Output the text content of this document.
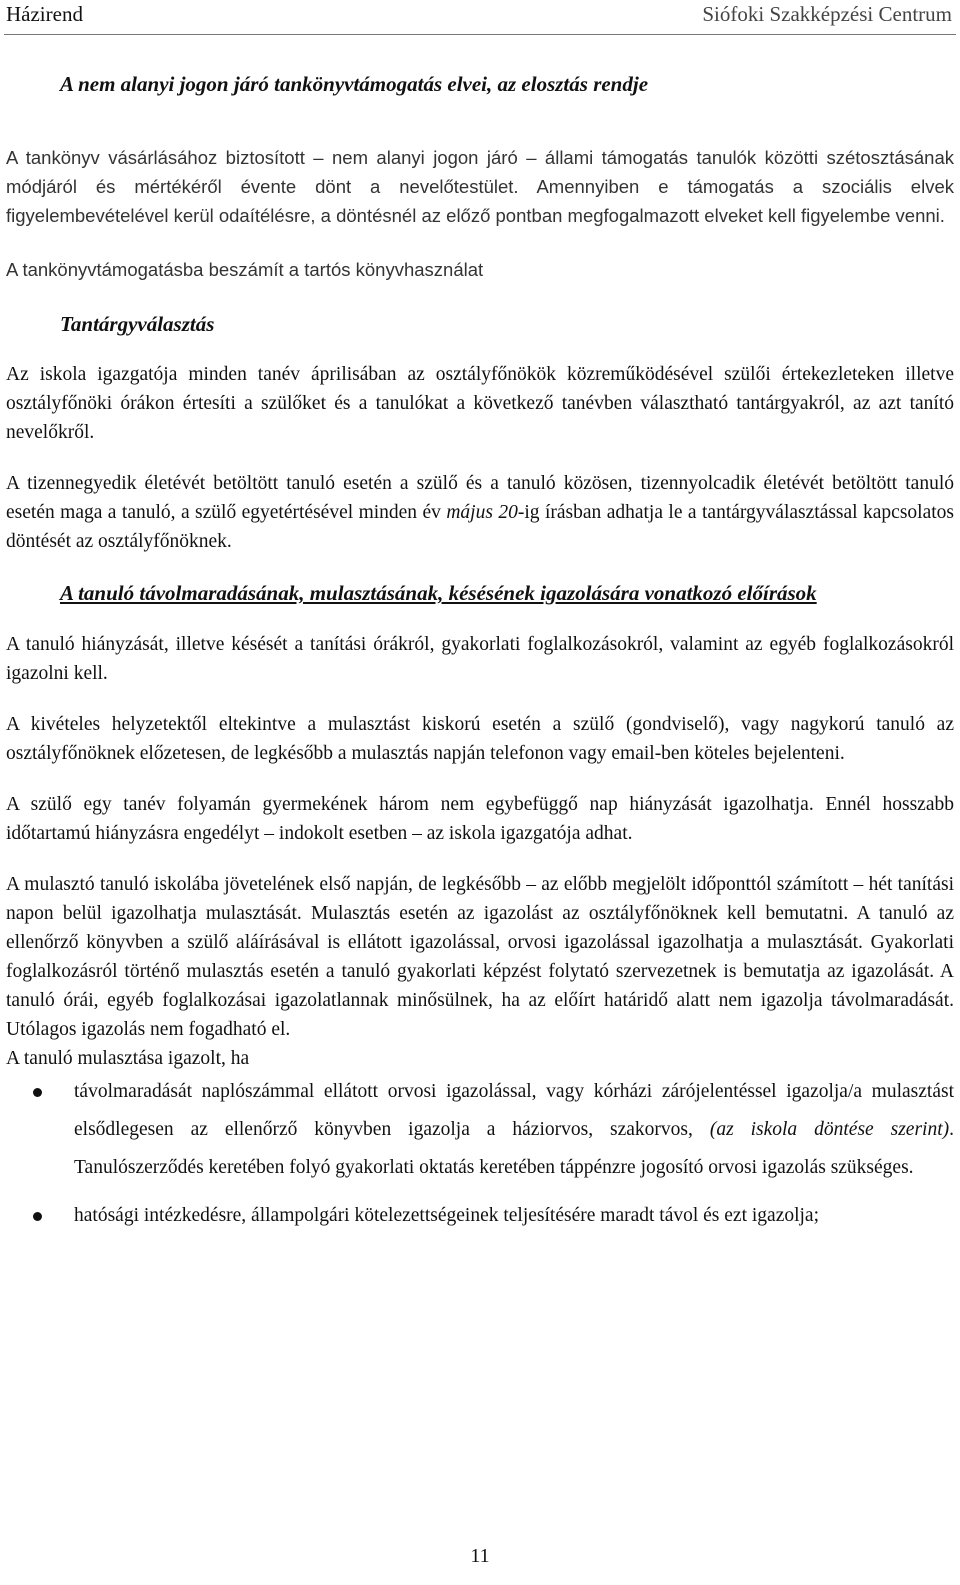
Házirend	Siófoki Szakképzési Centrum

A nem alanyi jogon járó tankönyvtámogatás elvei, az elosztás rendje

A tankönyv vásárlásához biztosított – nem alanyi jogon járó – állami támogatás tanulók közötti szétosztásának módjáról és mértékéről évente dönt a nevelőtestület. Amennyiben e támogatás a szociális elvek figyelembevételével kerül odaítélésre, a döntésnél az előző pontban megfogalmazott elveket kell figyelembe venni.

A tankönyvtámogatásba beszámít a tartós könyvhasználat

Tantárgyválasztás

Az iskola igazgatója minden tanév áprilisában az osztályfőnökök közreműködésével szülői értekezleteken illetve osztályfőnöki órákon értesíti a szülőket és a tanulókat a következő tanévben választható tantárgyakról, az azt tanító nevelőkről.

A tizennegyedik életévét betöltött tanuló esetén a szülő és a tanuló közösen, tizennyolcadik életévét betöltött tanuló esetén maga a tanuló, a szülő egyetértésével minden év május 20-ig írásban adhatja le a tantárgyválasztással kapcsolatos döntését az osztályfőnöknek.

A tanuló távolmaradásának, mulasztásának, késésének igazolására vonatkozó előírások

A tanuló hiányzását, illetve késését a tanítási órákról, gyakorlati foglalkozásokról, valamint az egyéb foglalkozásokról igazolni kell.

A kivételes helyzetektől eltekintve a mulasztást kiskorú esetén a szülő (gondviselő), vagy nagykorú tanuló az osztályfőnöknek előzetesen, de legkésőbb a mulasztás napján telefonon vagy email-ben köteles bejelenteni.

A szülő egy tanév folyamán gyermekének három nem egybefüggő nap hiányzását igazolhatja. Ennél hosszabb időtartamú hiányzásra engedélyt – indokolt esetben – az iskola igazgatója adhat.

A mulasztó tanuló iskolába jövetelének első napján, de legkésőbb – az előbb megjelölt időponttól számított – hét tanítási napon belül igazolhatja mulasztását. Mulasztás esetén az igazolást az osztályfőnöknek kell bemutatni. A tanuló az ellenőrző könyvben a szülő aláírásával is ellátott igazolással, orvosi igazolással igazolhatja a mulasztását. Gyakorlati foglalkozásról történő mulasztás esetén a tanuló gyakorlati képzést folytató szervezetnek is bemutatja az igazolását. A tanuló órái, egyéb foglalkozásai igazolatlannak minősülnek, ha az előírt határidő alatt nem igazolja távolmaradását. Utólagos igazolás nem fogadható el.

A tanuló mulasztása igazolt, ha

távolmaradását naplószámmal ellátott orvosi igazolással, vagy kórházi zárójelentéssel igazolja/a mulasztást elsődlegesen az ellenőrző könyvben igazolja a háziorvos, szakorvos, (az iskola döntése szerint). Tanulószerződés keretében folyó gyakorlati oktatás keretében táppénzre jogosító orvosi igazolás szükséges.
hatósági intézkedésre, állampolgári kötelezettségeinek teljesítésére maradt távol és ezt igazolja;
11
